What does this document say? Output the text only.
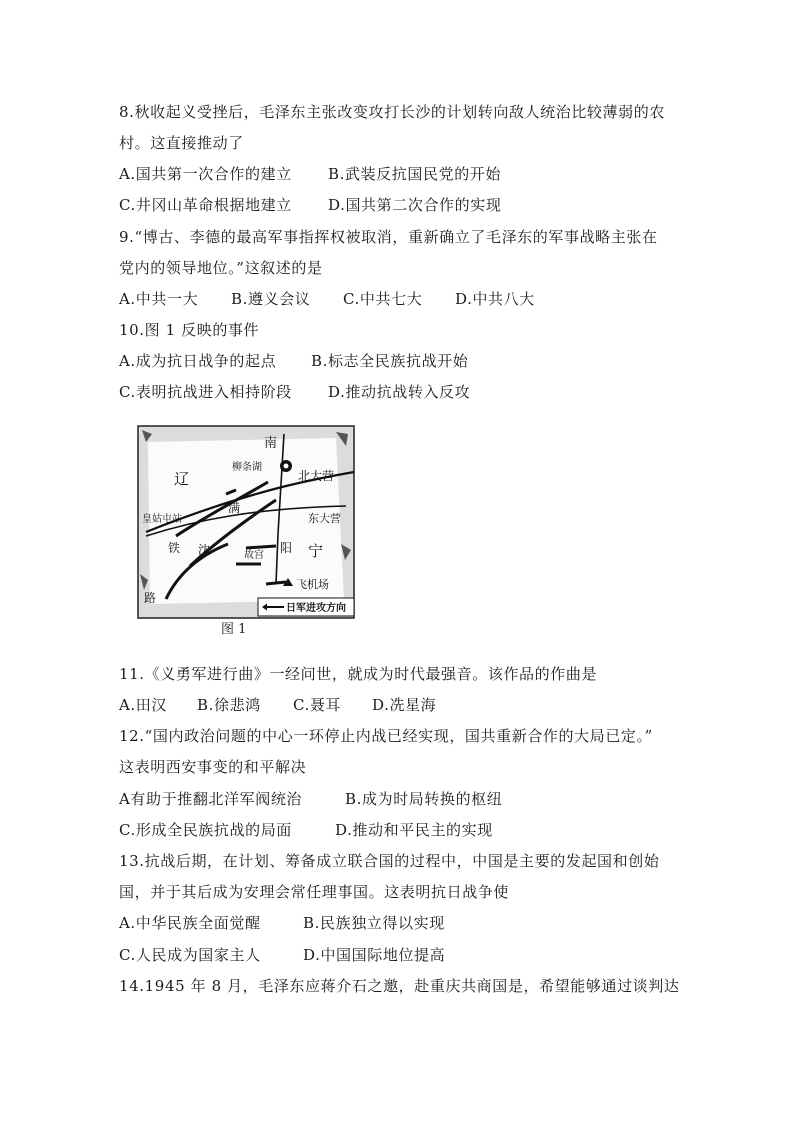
8.秋收起义受挫后，毛泽东主张改变攻打长沙的计划转向敌人统治比较薄弱的农
村。这直接推动了
A.国共第一次合作的建立 B.武装反抗国民党的开始
C.井冈山革命根据地建立 D.国共第二次合作的实现
9.“博古、李德的最高军事指挥权被取消，重新确立了毛泽东的军事战略主张在
党内的领导地位。”这叙述的是
A.中共一大 B.遵义会议 C.中共七大 D.中共八大
10.图 1 反映的事件
A.成为抗日战争的起点 B.标志全民族抗战开始
C.表明抗战进入相持阶段 D.推动抗战转入反攻
南
柳条湖
北大营
辽
满
皇姑屯站	东大营
铁 沈	故宫
阳 宁
飞机场
路
日军进攻方向
图 1
11.《义勇军进行曲》一经问世，就成为时代最强音。该作品的作曲是
A.田汉 B.徐悲鸿 C.聂耳 D.冼星海
12.“国内政治问题的中心一环停止内战已经实现，国共重新合作的大局已定。”
这表明西安事变的和平解决
A有助于推翻北洋军阀统治	B.成为时局转换的枢纽
C.形成全民族抗战的局面	D.推动和平民主的实现
13.抗战后期，在计划、筹备成立联合国的过程中，中国是主要的发起国和创始
国，并于其后成为安理会常任理事国。这表明抗日战争使
A.中华民族全面觉醒	B.民族独立得以实现
C.人民成为国家主人	D.中国国际地位提高
14.1945 年 8 月，毛泽东应蒋介石之邀，赴重庆共商国是，希望能够通过谈判达
